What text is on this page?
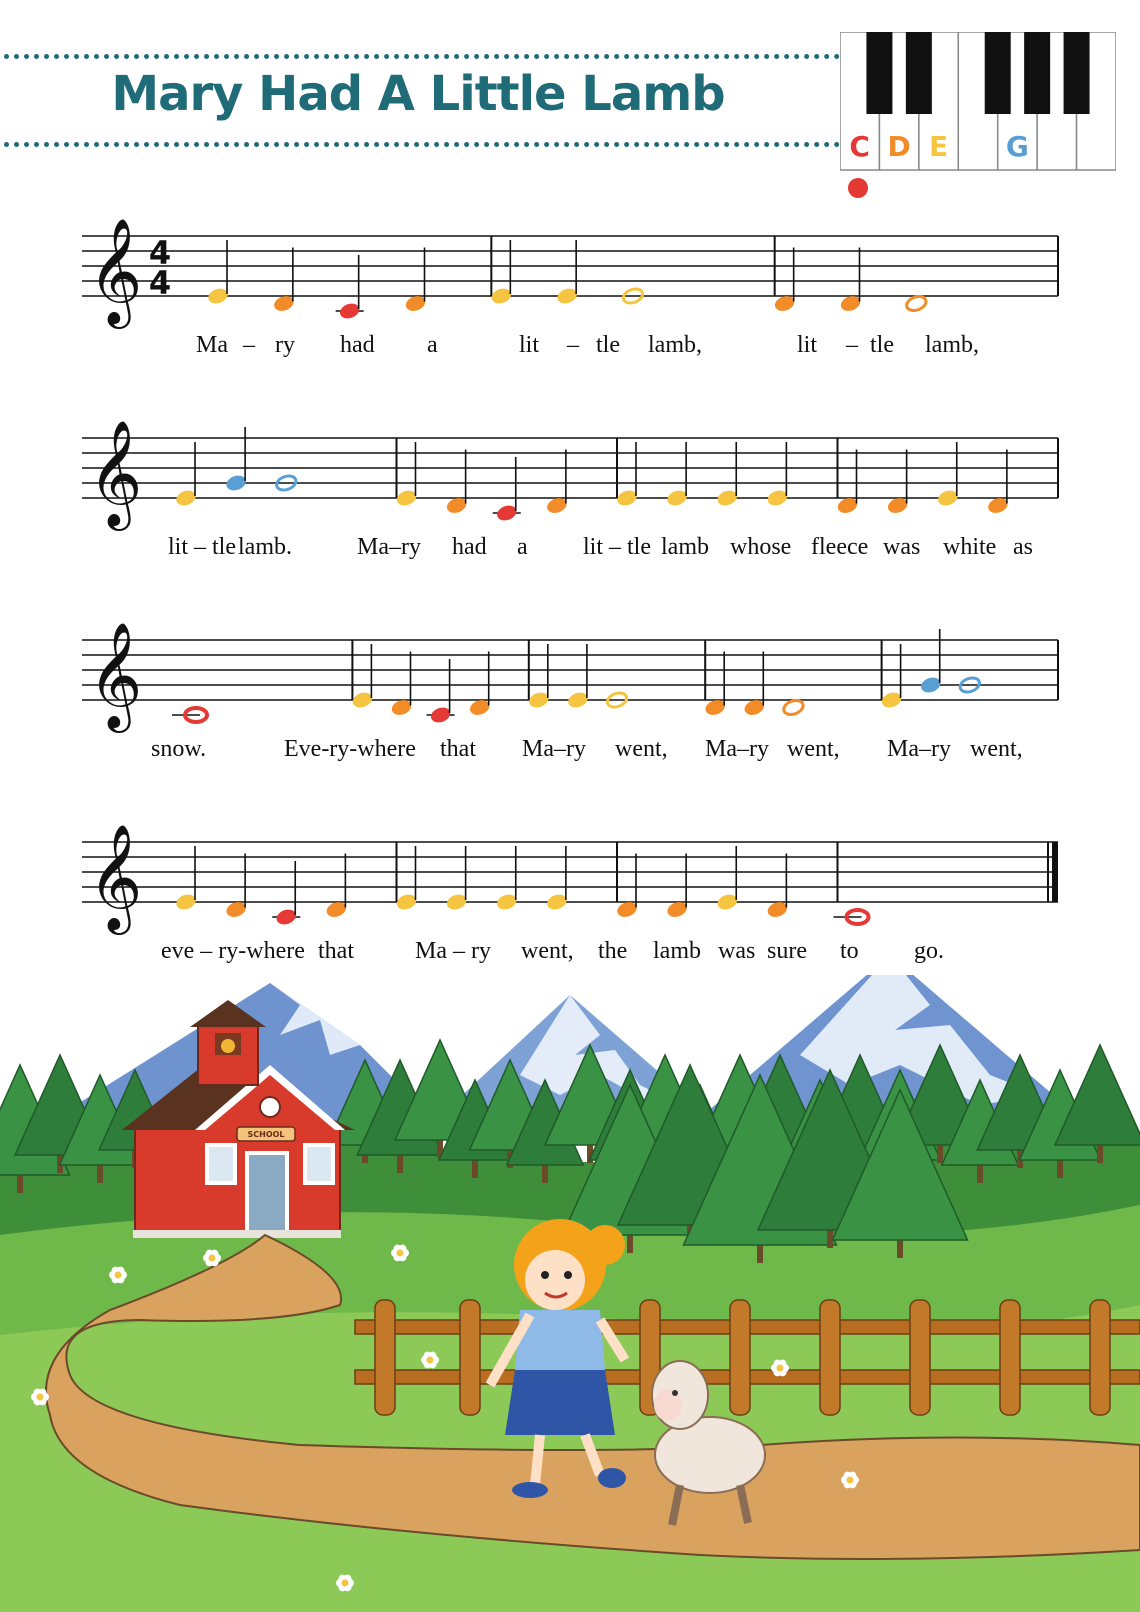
Mary Had A Little Lamb
C D E G
𝄞 4
4
𝄞
𝄞
𝄞
Ma – ry had a	lit – tle lamb,	lit – tle lamb,
lit – tle lamb.	Ma–ry had a lit – tle lamb whose fleece was white as
snow.	Eve-ry-where that Ma–ry went, Ma–ry went, Ma–ry went,
eve – ry-where that	Ma – ry went, the lamb was sure to go.
SCHOOL
